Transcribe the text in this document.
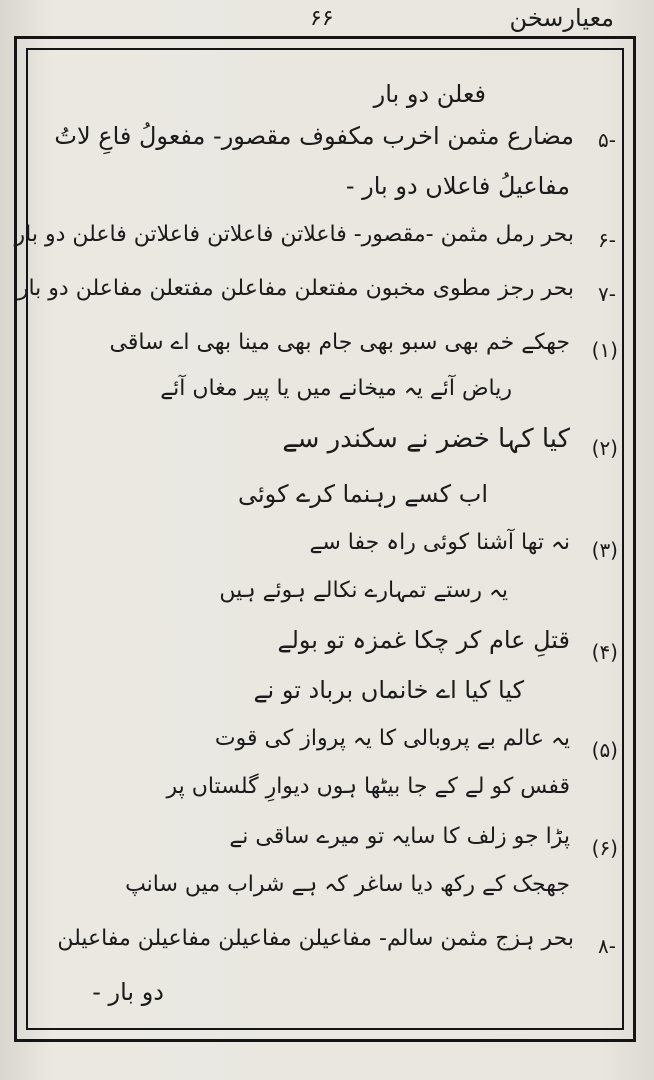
معیارسخن
۶۶
فعلن دو بار
۵-
مضارع مثمن اخرب مکفوف مقصور- مفعولُ فاعِ لاتُ
مفاعیلُ فاعلاں دو بار -
۶-
بحر رمل مثمن -مقصور- فاعلاتن فاعلاتن فاعلاتن فاعلن دو بار
۷-
بحر رجز مطوی مخبون مفتعلن مفاعلن مفتعلن مفاعلن دو بار
(۱)
جھکے خم بھی سبو بھی جام بھی مینا بھی اے ساقی
ریاض آئے یہ میخانے میں یا پیر مغاں آئے
(۲)
کیا کہا خضر نے سکندر سے
اب کسے رہنما کرے کوئی
(۳)
نہ تھا آشنا کوئی راہ جفا سے
یہ رستے تمہارے نکالے ہوئے ہیں
(۴)
قتلِ عام کر چکا غمزہ تو بولے
کیا کیا اے خانماں برباد تو نے
(۵)
یہ عالم بے پروبالی کا یہ پرواز کی قوت
قفس کو لے کے جا بیٹھا ہوں دیوارِ گلستاں پر
(۶)
پڑا جو زلف کا سایہ تو میرے ساقی نے
جھجک کے رکھ دیا ساغر کہ ہے شراب میں سانپ
۸-
بحر ہزج مثمن سالم- مفاعیلن مفاعیلن مفاعیلن مفاعیلن
دو بار -
